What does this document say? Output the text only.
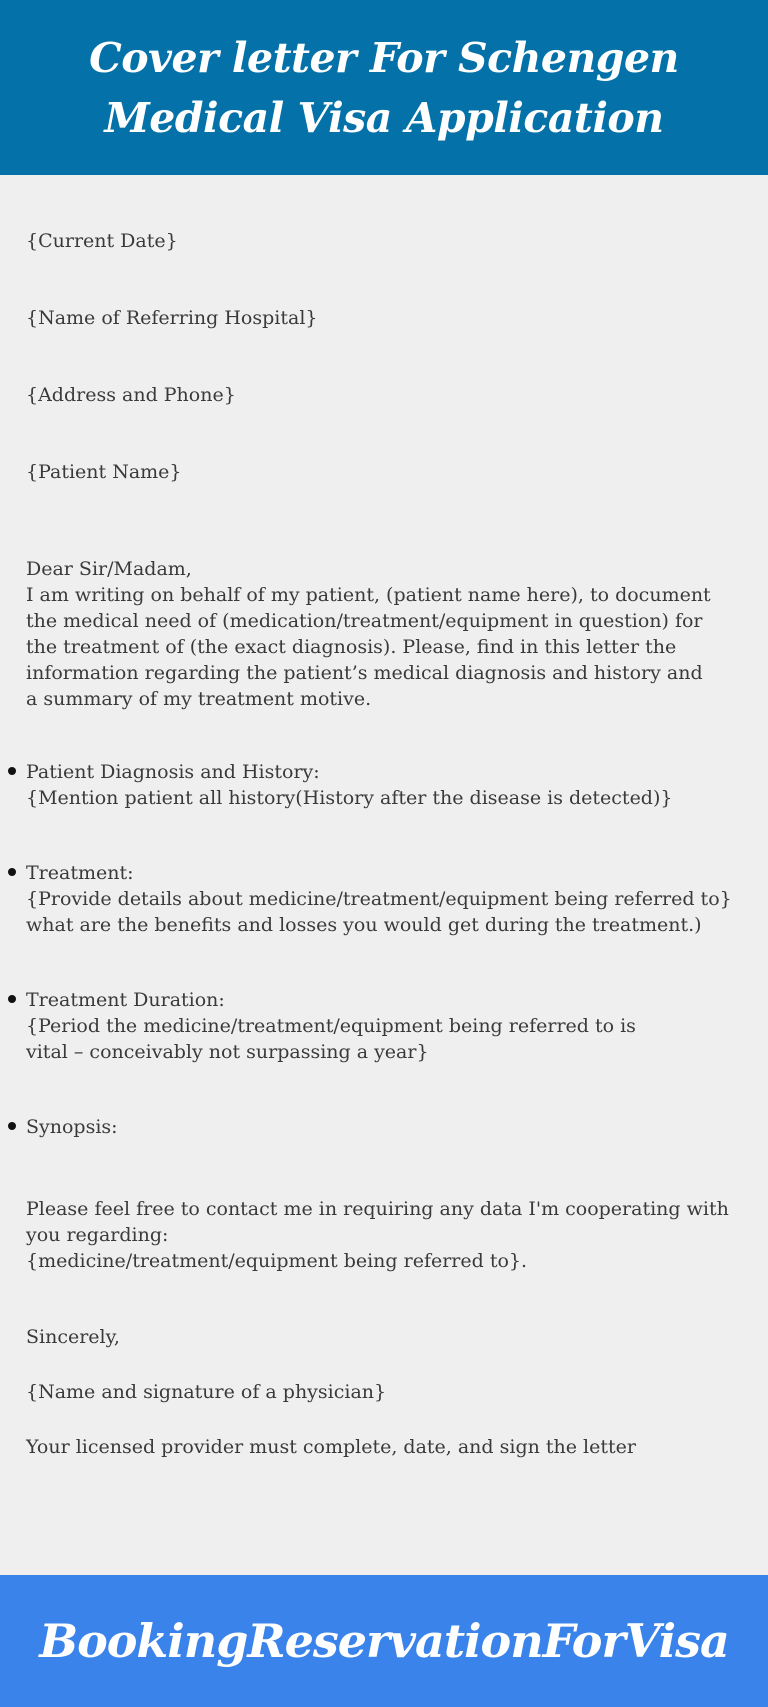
Cover letter For Schengen
Medical Visa Application
{Current Date}
{Name of Referring Hospital}
{Address and Phone}
{Patient Name}
Dear Sir/Madam,
I am writing on behalf of my patient, (patient name here), to document
the medical need of (medication/treatment/equipment in question) for
the treatment of (the exact diagnosis). Please, find in this letter the
information regarding the patient’s medical diagnosis and history and
a summary of my treatment motive.
Patient Diagnosis and History:
{Mention patient all history(History after the disease is detected)}
Treatment:
{Provide details about medicine/treatment/equipment being referred to}
what are the benefits and losses you would get during the treatment.)
Treatment Duration:
{Period the medicine/treatment/equipment being referred to is
vital – conceivably not surpassing a year}
Synopsis:
Please feel free to contact me in requiring any data I'm cooperating with
you regarding:
{medicine/treatment/equipment being referred to}.
Sincerely,
{Name and signature of a physician}
Your licensed provider must complete, date, and sign the letter
BookingReservationForVisa
